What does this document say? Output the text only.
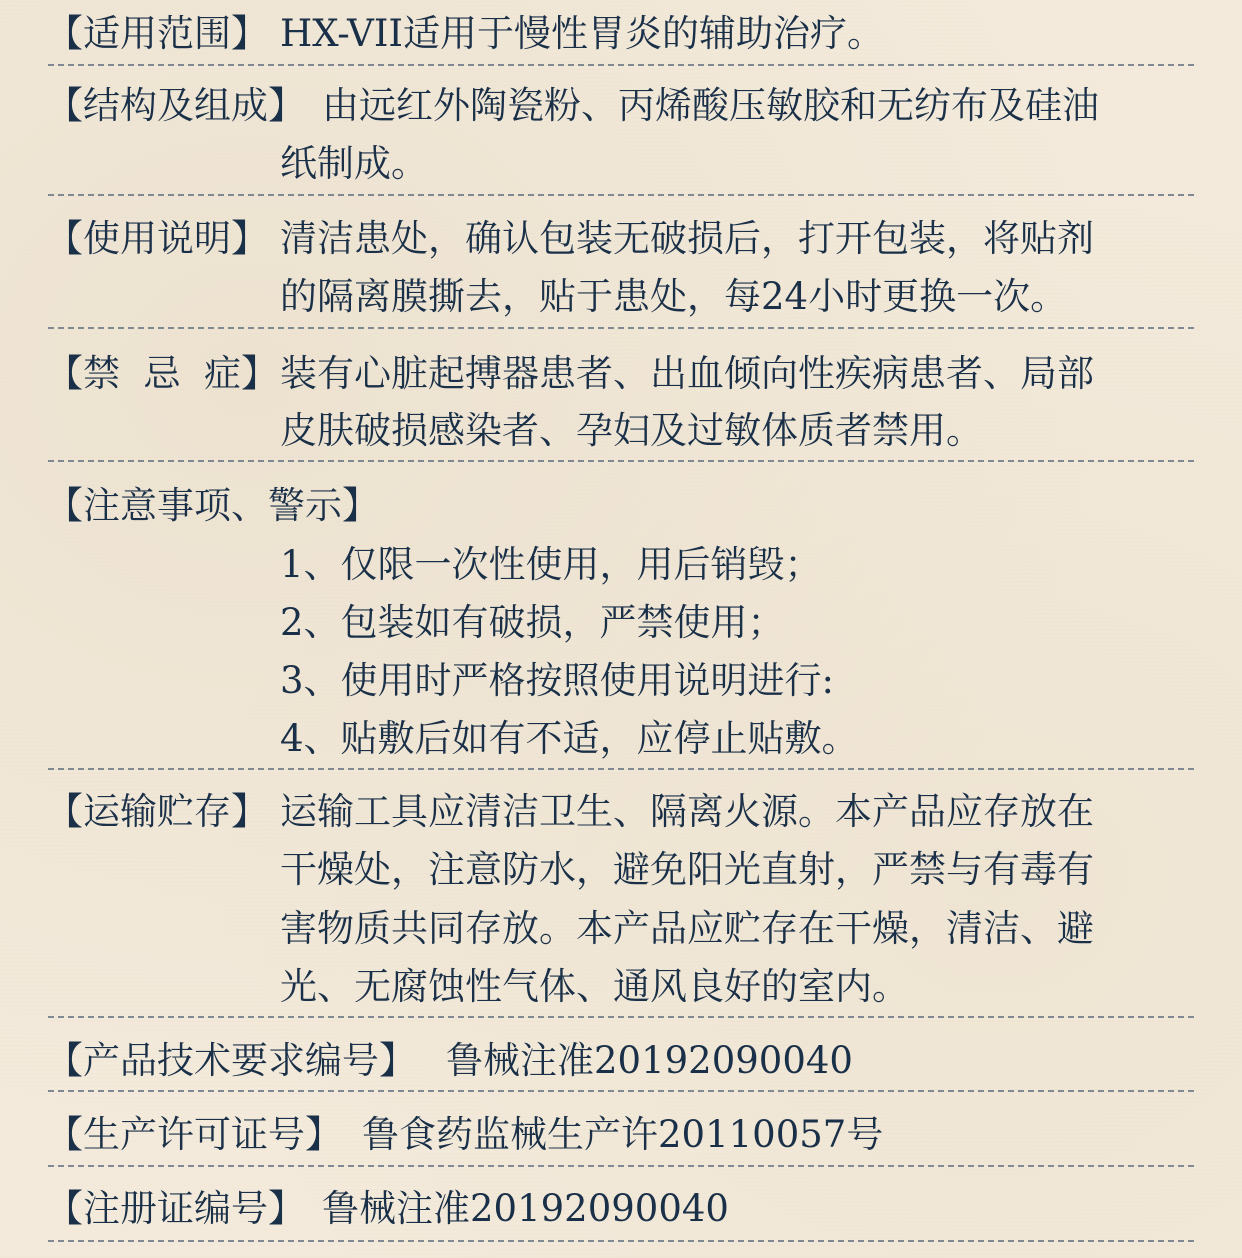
【适用范围】 HX-VII适用于慢性胃炎的辅助治疗。
【结构及组成】 由远红外陶瓷粉、丙烯酸压敏胶和无纺布及硅油
纸制成。
【使用说明】 清洁患处，确认包装无破损后，打开包装，将贴剂
的隔离膜撕去，贴于患处，每24小时更换一次。
【禁  忌  症】 装有心脏起搏器患者、出血倾向性疾病患者、局部
皮肤破损感染者、孕妇及过敏体质者禁用。
【注意事项、警示】
1、仅限一次性使用，用后销毁；
2、包装如有破损，严禁使用；
3、使用时严格按照使用说明进行:
4、贴敷后如有不适，应停止贴敷。
【运输贮存】 运输工具应清洁卫生、隔离火源。本产品应存放在
干燥处，注意防水，避免阳光直射，严禁与有毒有
害物质共同存放。本产品应贮存在干燥，清洁、避
光、无腐蚀性气体、通风良好的室内。
【产品技术要求编号】 鲁械注准20192090040
【生产许可证号】 鲁食药监械生产许20110057号
【注册证编号】 鲁械注准20192090040
